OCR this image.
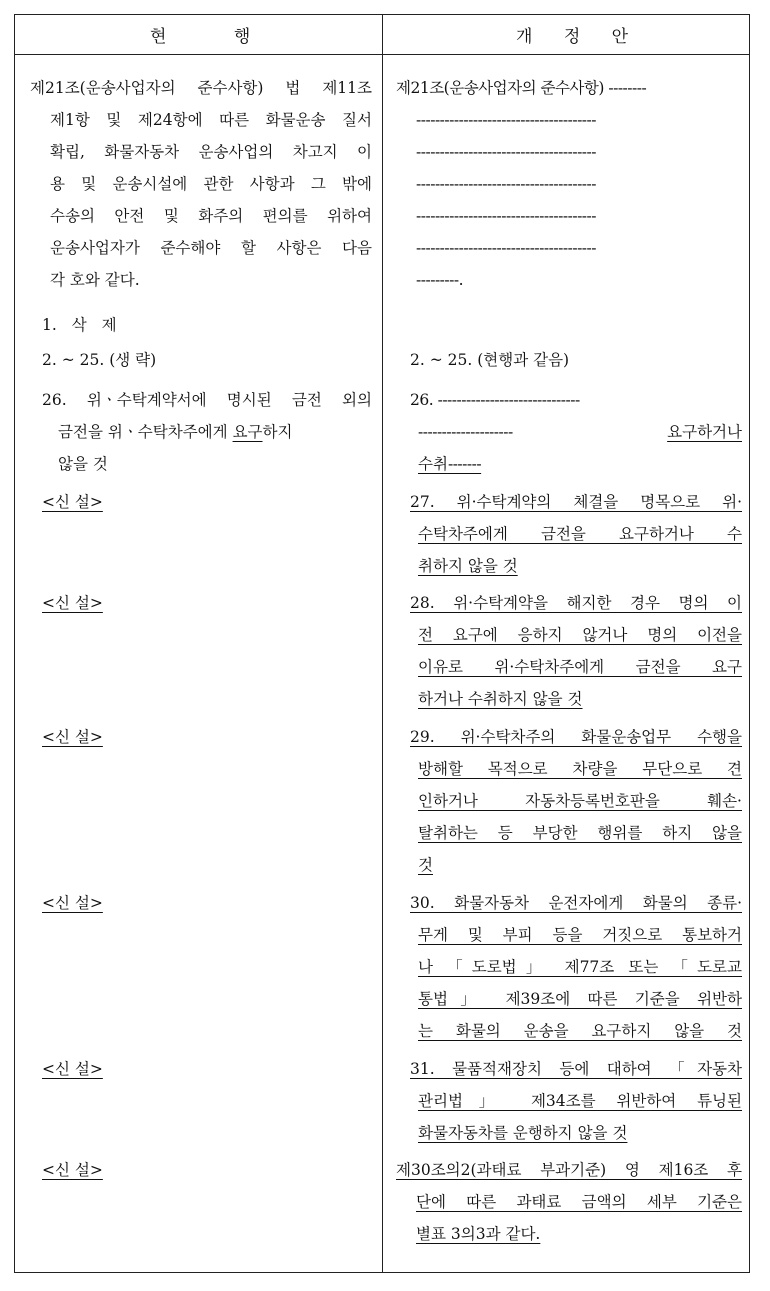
현 행	개 정 안
제21조(운송사업자의 준수사항) 법 제11조
제1항 및 제24항에 따른 화물운송 질서
확립, 화물자동차 운송사업의 차고지 이
용 및 운송시설에 관한 사항과 그 밖에
수송의 안전 및 화주의 편의를 위하여
운송사업자가 준수해야 할 사항은 다음
각 호와 같다.
1. 삭 제
2. ~ 25. (생 략)
26. 위ㆍ수탁계약서에 명시된 금전 외의
금전을 위ㆍ수탁차주에게 요구하지
않을 것
<신 설>
<신 설>
<신 설>
<신 설>
<신 설>
<신 설>
제21조(운송사업자의 준수사항) --------
--------------------------------------
--------------------------------------
--------------------------------------
--------------------------------------
--------------------------------------
---------.
2. ~ 25. (현행과 같음)
26. ------------------------------
--------------------	요구하거나
수취-------
27. 위·수탁계약의 체결을 명목으로 위·
수탁차주에게 금전을 요구하거나 수
취하지 않을 것
28. 위·수탁계약을 해지한 경우 명의 이
전 요구에 응하지 않거나 명의 이전을
이유로 위·수탁차주에게 금전을 요구
하거나 수취하지 않을 것
29. 위·수탁차주의 화물운송업무 수행을
방해할 목적으로 차량을 무단으로 견
인하거나 자동차등록번호판을 훼손·
탈취하는 등 부당한 행위를 하지 않을
것
30. 화물자동차 운전자에게 화물의 종류·
무게 및 부피 등을 거짓으로 통보하거
나 「도로법」 제77조 또는 「도로교
통법」 제39조에 따른 기준을 위반하
는 화물의 운송을 요구하지 않을 것
31. 물품적재장치 등에 대하여 「자동차
관리법」 제34조를 위반하여 튜닝된
화물자동차를 운행하지 않을 것
제30조의2(과태료 부과기준) 영 제16조 후
단에 따른 과태료 금액의 세부 기준은
별표 3의3과 같다.
